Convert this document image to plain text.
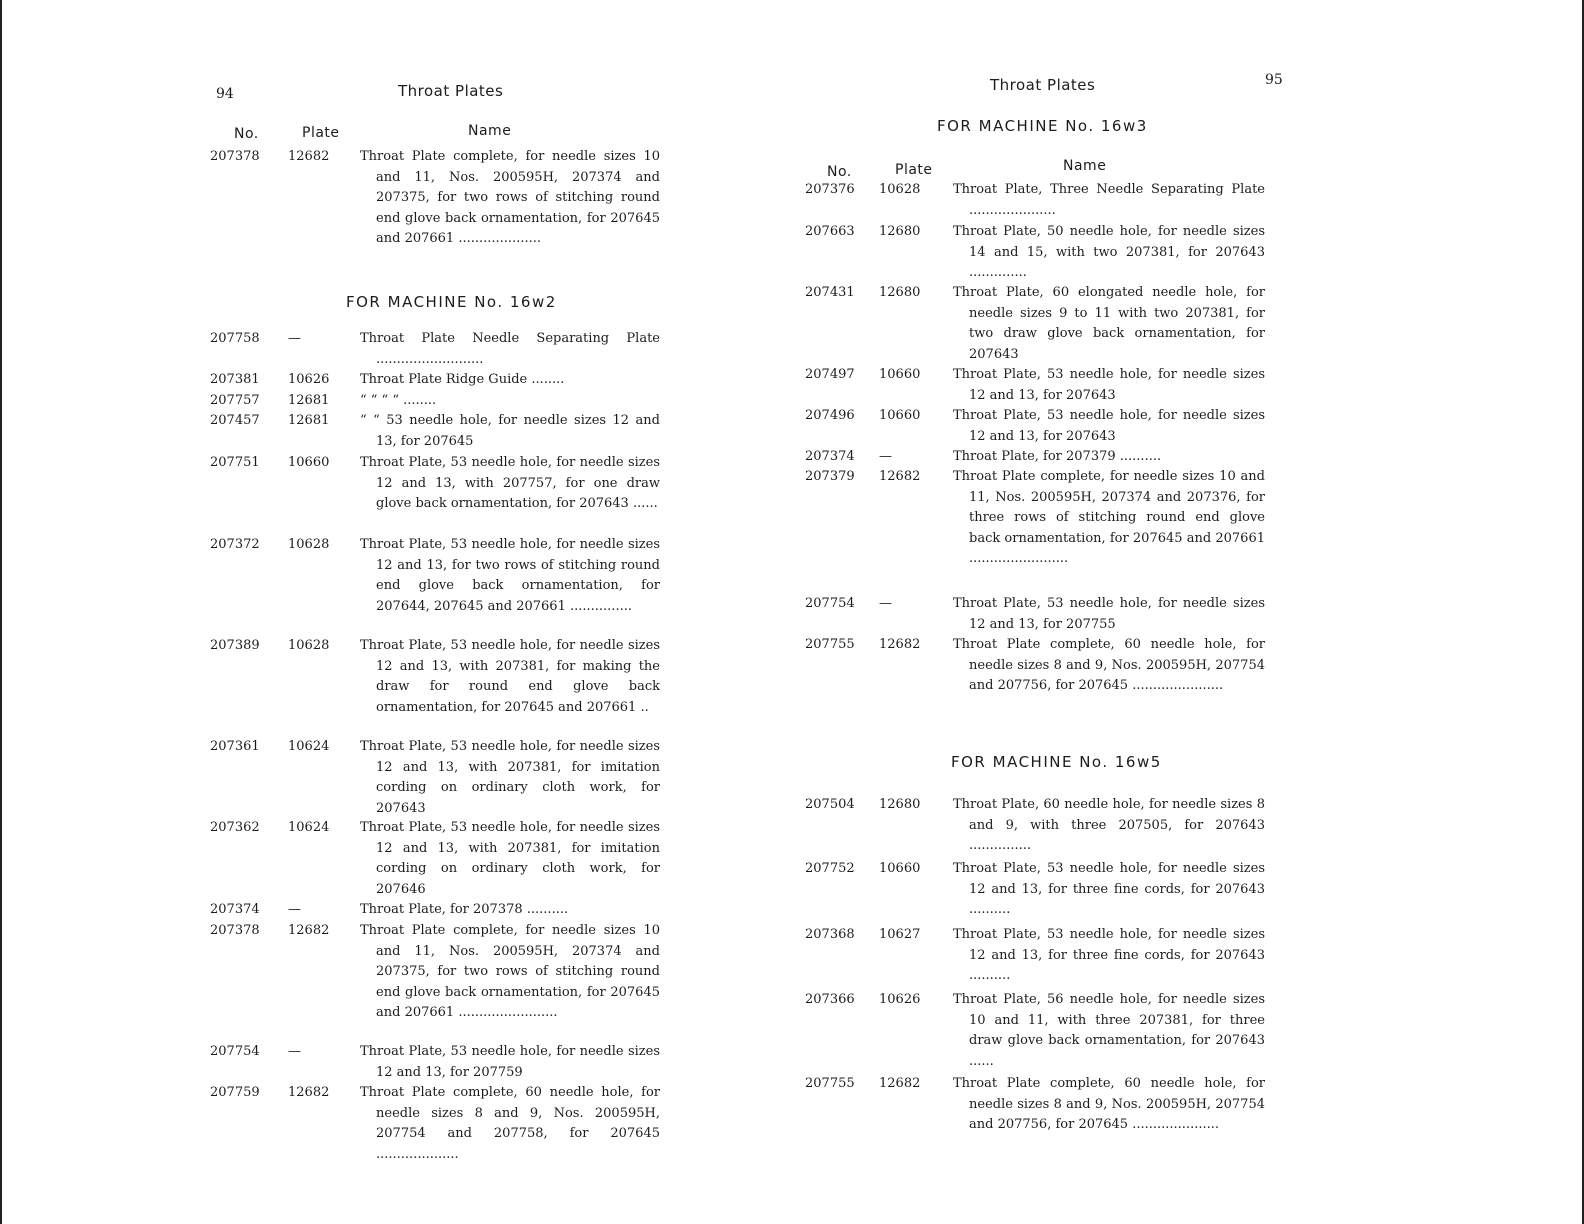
94	Throat Plates
No.	Plate	Name
207378	12682	Throat Plate complete, for needle sizes 10 and 11, Nos. 200595H, 207374 and 207375, for two rows of stitching round end glove back ornamentation, for 207645 and 207661 ....................
FOR MACHINE No. 16w2
207758	—	Throat Plate Needle Separating Plate ..........................
207381	10626	Throat Plate Ridge Guide ........
207757	12681	“ “ “ “ ........
207457	12681	“ “ 53 needle hole, for needle sizes 12 and 13, for 207645
207751	10660	Throat Plate, 53 needle hole, for needle sizes 12 and 13, with 207757, for one draw glove back ornamentation, for 207643 ......
207372	10628	Throat Plate, 53 needle hole, for needle sizes 12 and 13, for two rows of stitching round end glove back ornamentation, for 207644, 207645 and 207661 ...............
207389	10628	Throat Plate, 53 needle hole, for needle sizes 12 and 13, with 207381, for making the draw for round end glove back ornamentation, for 207645 and 207661 ..
207361	10624	Throat Plate, 53 needle hole, for needle sizes 12 and 13, with 207381, for imitation cording on ordinary cloth work, for 207643
207362	10624	Throat Plate, 53 needle hole, for needle sizes 12 and 13, with 207381, for imitation cording on ordinary cloth work, for 207646
207374	—	Throat Plate, for 207378 ..........
207378	12682	Throat Plate complete, for needle sizes 10 and 11, Nos. 200595H, 207374 and 207375, for two rows of stitching round end glove back ornamentation, for 207645 and 207661 ........................
207754	—	Throat Plate, 53 needle hole, for needle sizes 12 and 13, for 207759
207759	12682	Throat Plate complete, 60 needle hole, for needle sizes 8 and 9, Nos. 200595H, 207754 and 207758, for 207645 ....................
Throat Plates	95
FOR MACHINE No. 16w3
No.	Plate	Name
207376	10628	Throat Plate, Three Needle Separating Plate .....................
207663	12680	Throat Plate, 50 needle hole, for needle sizes 14 and 15, with two 207381, for 207643 ..............
207431	12680	Throat Plate, 60 elongated needle hole, for needle sizes 9 to 11 with two 207381, for two draw glove back ornamentation, for 207643
207497	10660	Throat Plate, 53 needle hole, for needle sizes 12 and 13, for 207643
207496	10660	Throat Plate, 53 needle hole, for needle sizes 12 and 13, for 207643
207374	—	Throat Plate, for 207379 ..........
207379	12682	Throat Plate complete, for needle sizes 10 and 11, Nos. 200595H, 207374 and 207376, for three rows of stitching round end glove back ornamentation, for 207645 and 207661 ........................
207754	—	Throat Plate, 53 needle hole, for needle sizes 12 and 13, for 207755
207755	12682	Throat Plate complete, 60 needle hole, for needle sizes 8 and 9, Nos. 200595H, 207754 and 207756, for 207645 ......................
FOR MACHINE No. 16w5
207504	12680	Throat Plate, 60 needle hole, for needle sizes 8 and 9, with three 207505, for 207643 ...............
207752	10660	Throat Plate, 53 needle hole, for needle sizes 12 and 13, for three fine cords, for 207643 ..........
207368	10627	Throat Plate, 53 needle hole, for needle sizes 12 and 13, for three fine cords, for 207643 ..........
207366	10626	Throat Plate, 56 needle hole, for needle sizes 10 and 11, with three 207381, for three draw glove back ornamentation, for 207643 ......
207755	12682	Throat Plate complete, 60 needle hole, for needle sizes 8 and 9, Nos. 200595H, 207754 and 207756, for 207645 .....................
